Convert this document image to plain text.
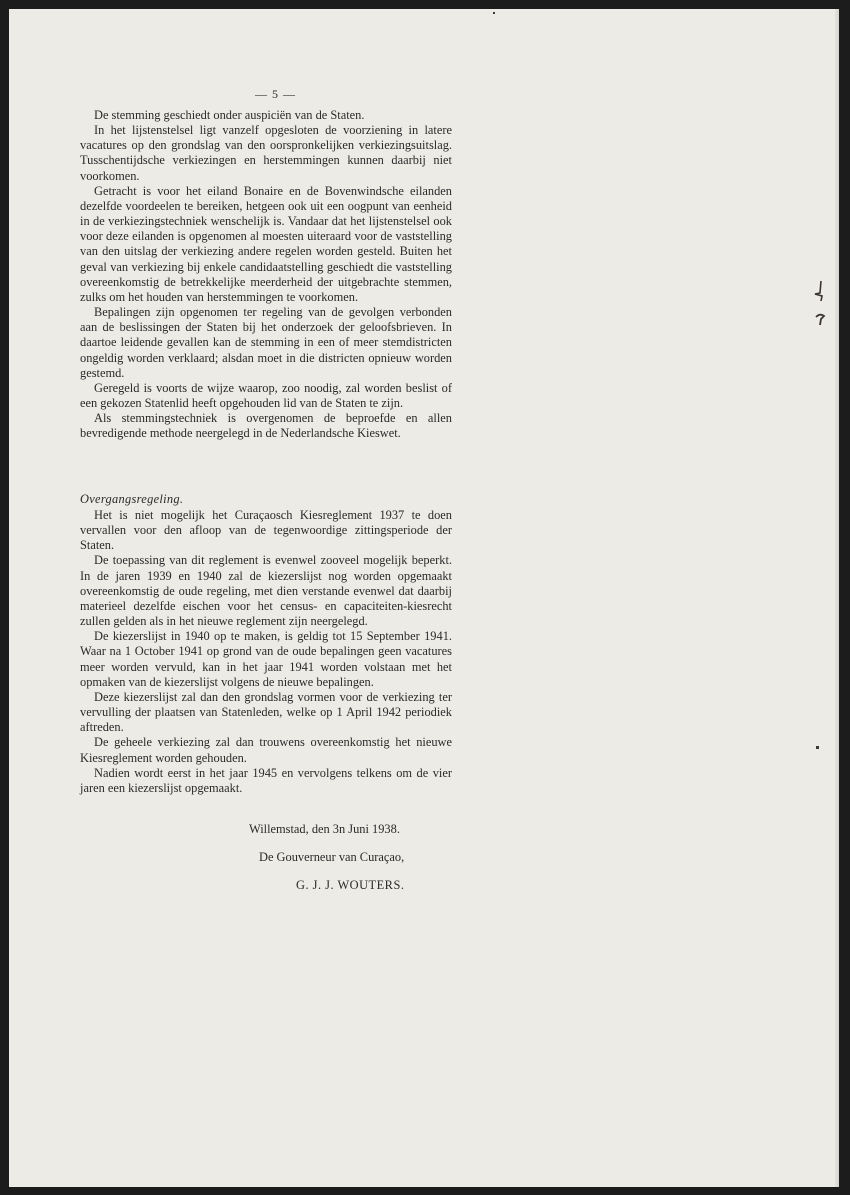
— 5 —

De stemming geschiedt onder auspiciën van de Staten.

In het lijstenstelsel ligt vanzelf opgesloten de voorziening in latere vacatures op den grondslag van den oorspronkelijken verkiezingsuitslag. Tusschentijdsche verkiezingen en herstemmingen kunnen daarbij niet voorkomen.

Getracht is voor het eiland Bonaire en de Bovenwindsche eilanden dezelfde voordeelen te bereiken, hetgeen ook uit een oogpunt van eenheid in de verkiezingstechniek wenschelijk is. Vandaar dat het lijstenstelsel ook voor deze eilanden is opgenomen al moesten uiteraard voor de vaststelling van den uitslag der verkiezing andere regelen worden gesteld. Buiten het geval van verkiezing bij enkele candidaatstelling geschiedt die vaststelling overeenkomstig de betrekkelijke meerderheid der uitgebrachte stemmen, zulks om het houden van herstemmingen te voorkomen.

Bepalingen zijn opgenomen ter regeling van de gevolgen verbonden aan de beslissingen der Staten bij het onderzoek der geloofsbrieven. In daartoe leidende gevallen kan de stemming in een of meer stemdistricten ongeldig worden verklaard; alsdan moet in die districten opnieuw worden gestemd.

Geregeld is voorts de wijze waarop, zoo noodig, zal worden beslist of een gekozen Statenlid heeft opgehouden lid van de Staten te zijn.

Als stemmingstechniek is overgenomen de beproefde en allen bevredigende methode neergelegd in de Nederlandsche Kieswet.

Overgangsregeling.

Het is niet mogelijk het Curaçaosch Kiesreglement 1937 te doen vervallen voor den afloop van de tegenwoordige zittingsperiode der Staten.

De toepassing van dit reglement is evenwel zooveel mogelijk beperkt. In de jaren 1939 en 1940 zal de kiezerslijst nog worden opgemaakt overeenkomstig de oude regeling, met dien verstande evenwel dat daarbij materieel dezelfde eischen voor het census- en capaciteiten-kiesrecht zullen gelden als in het nieuwe reglement zijn neergelegd.

De kiezerslijst in 1940 op te maken, is geldig tot 15 September 1941. Waar na 1 October 1941 op grond van de oude bepalingen geen vacatures meer worden vervuld, kan in het jaar 1941 worden volstaan met het opmaken van de kiezerslijst volgens de nieuwe bepalingen.

Deze kiezerslijst zal dan den grondslag vormen voor de verkiezing ter vervulling der plaatsen van Statenleden, welke op 1 April 1942 periodiek aftreden.

De geheele verkiezing zal dan trouwens overeenkomstig het nieuwe Kiesreglement worden gehouden.

Nadien wordt eerst in het jaar 1945 en vervolgens telkens om de vier jaren een kiezerslijst opgemaakt.

Willemstad, den 3n Juni 1938.
De Gouverneur van Curaçao,
G. J. J. WOUTERS.
